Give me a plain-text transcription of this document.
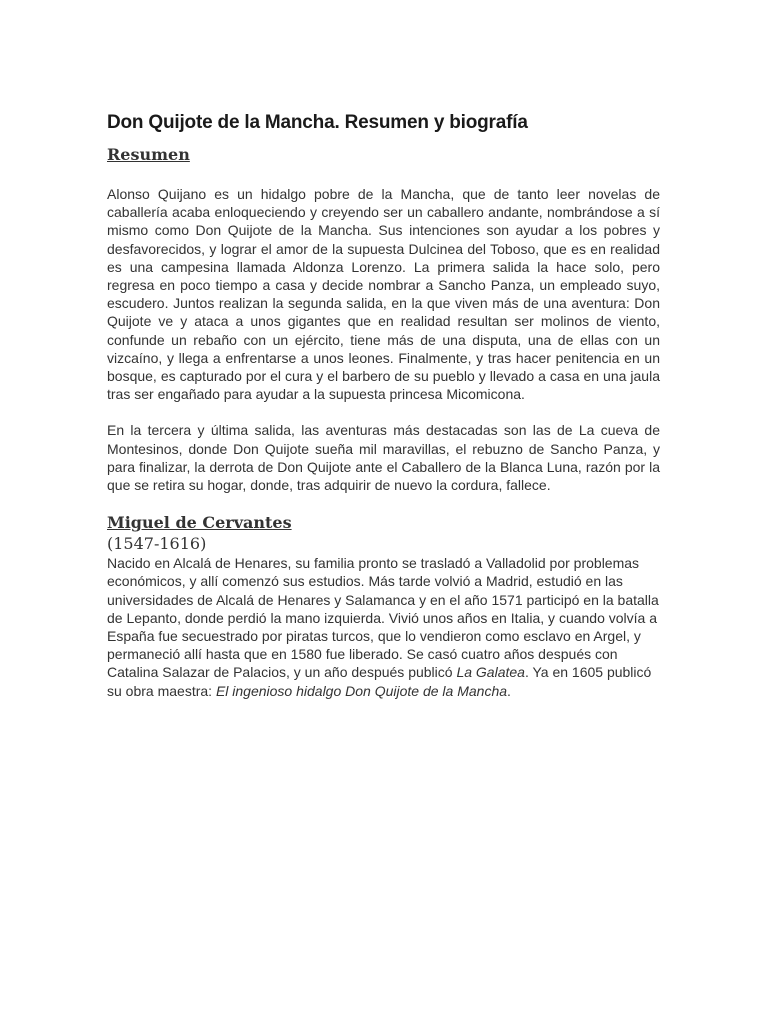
Don Quijote de la Mancha. Resumen y biografía
Resumen

Alonso Quijano es un hidalgo pobre de la Mancha, que de tanto leer novelas de caballería acaba enloqueciendo y creyendo ser un caballero andante, nombrándose a sí mismo como Don Quijote de la Mancha. Sus intenciones son ayudar a los pobres y desfavorecidos, y lograr el amor de la supuesta Dulcinea del Toboso, que es en realidad es una campesina llamada Aldonza Lorenzo. La primera salida la hace solo, pero regresa en poco tiempo a casa y decide nombrar a Sancho Panza, un empleado suyo, escudero. Juntos realizan la segunda salida, en la que viven más de una aventura: Don Quijote ve y ataca a unos gigantes que en realidad resultan ser molinos de viento, confunde un rebaño con un ejército, tiene más de una disputa, una de ellas con un vizcaíno, y llega a enfrentarse a unos leones. Finalmente, y tras hacer penitencia en un bosque, es capturado por el cura y el barbero de su pueblo y llevado a casa en una jaula tras ser engañado para ayudar a la supuesta princesa Micomicona.

En la tercera y última salida, las aventuras más destacadas son las de La cueva de Montesinos, donde Don Quijote sueña mil maravillas, el rebuzno de Sancho Panza, y para finalizar, la derrota de Don Quijote ante el Caballero de la Blanca Luna, razón por la que se retira su hogar, donde, tras adquirir de nuevo la cordura, fallece.

Miguel de Cervantes
(1547-1616)

Nacido en Alcalá de Henares, su familia pronto se trasladó a Valladolid por problemas económicos, y allí comenzó sus estudios. Más tarde volvió a Madrid, estudió en las universidades de Alcalá de Henares y Salamanca y en el año 1571 participó en la batalla de Lepanto, donde perdió la mano izquierda. Vivió unos años en Italia, y cuando volvía a España fue secuestrado por piratas turcos, que lo vendieron como esclavo en Argel, y permaneció allí hasta que en 1580 fue liberado. Se casó cuatro años después con Catalina Salazar de Palacios, y un año después publicó La Galatea. Ya en 1605 publicó su obra maestra: El ingenioso hidalgo Don Quijote de la Mancha.
